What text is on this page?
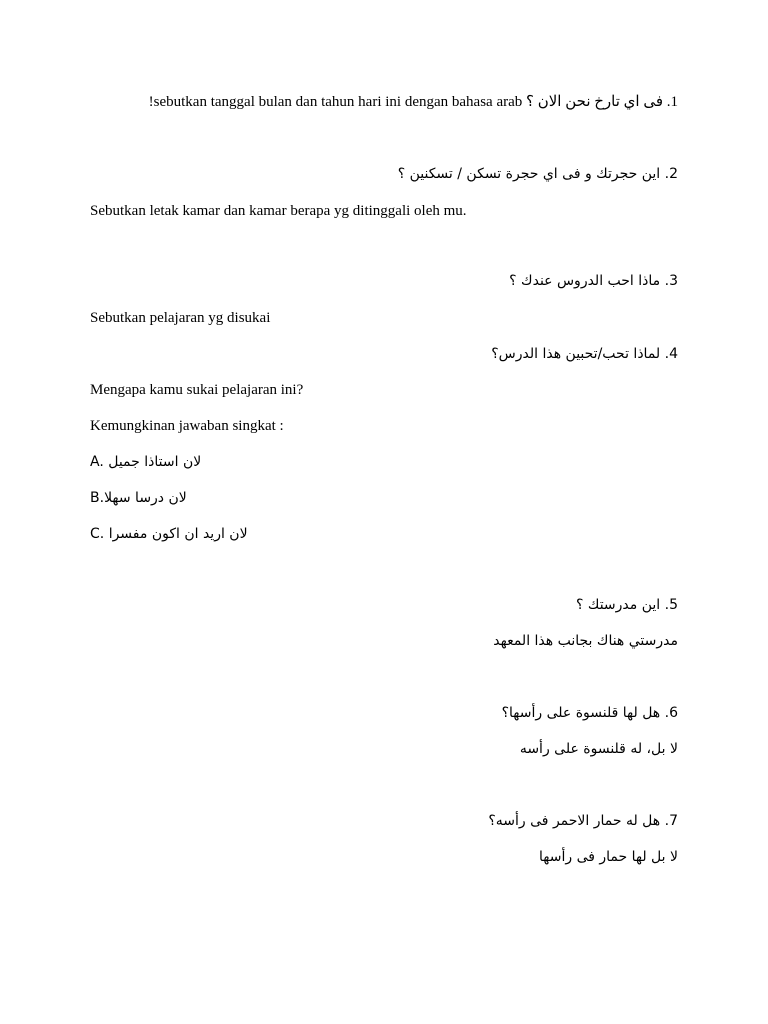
1. فی اي تارخ نحن الان ؟ sebutkan tanggal bulan dan tahun hari ini dengan bahasa arab!
2. اين حجرتك و فی اي حجرة تسكن / تسكنين ؟
Sebutkan letak kamar dan kamar berapa yg ditinggali oleh mu.
3. ماذا احب الدروس عندك ؟
Sebutkan pelajaran yg disukai
4. لماذا تحب/تحبين هذا الدرس؟
Mengapa kamu sukai pelajaran ini?
Kemungkinan jawaban singkat :
A. لان استاذا جميل
B.لان درسا سهلا
C. لان اريد ان اكون مفسرا
5. اين مدرستك ؟
مدرستي هناك بجانب هذا المعهد
6. هل لها قلنسوة على رأسها؟
لا بل، له قلنسوة على رأسه
7. هل له حمار الاحمر فی رأسه؟
لا بل لها حمار فی رأسها
